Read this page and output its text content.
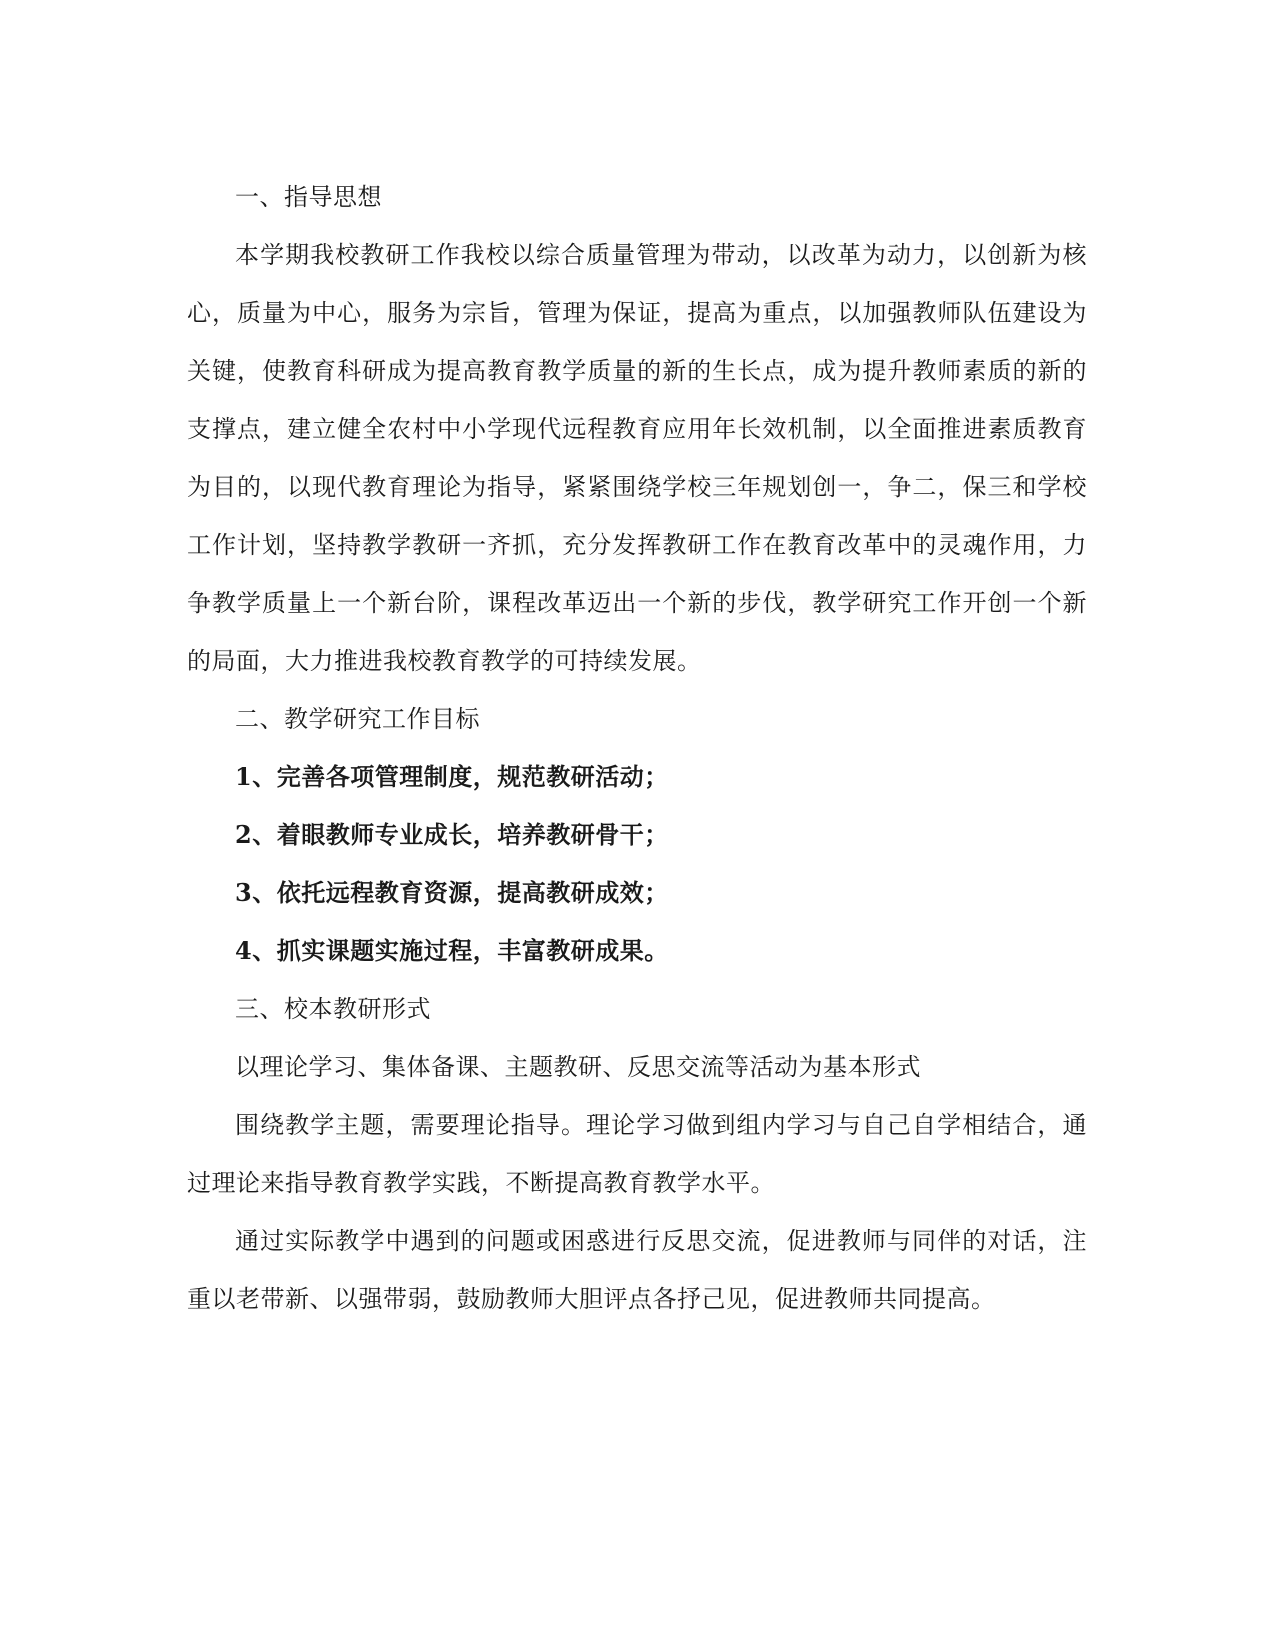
一、指导思想

本学期我校教研工作我校以综合质量管理为带动，以改革为动力，以创新为核心，质量为中心，服务为宗旨，管理为保证，提高为重点，以加强教师队伍建设为关键，使教育科研成为提高教育教学质量的新的生长点，成为提升教师素质的新的支撑点，建立健全农村中小学现代远程教育应用年长效机制，以全面推进素质教育为目的，以现代教育理论为指导，紧紧围绕学校三年规划创一，争二，保三和学校工作计划，坚持教学教研一齐抓，充分发挥教研工作在教育改革中的灵魂作用，力争教学质量上一个新台阶，课程改革迈出一个新的步伐，教学研究工作开创一个新的局面，大力推进我校教育教学的可持续发展。

二、教学研究工作目标

1、完善各项管理制度，规范教研活动；

2、着眼教师专业成长，培养教研骨干；

3、依托远程教育资源，提高教研成效；

4、抓实课题实施过程，丰富教研成果。

三、校本教研形式

以理论学习、集体备课、主题教研、反思交流等活动为基本形式

围绕教学主题，需要理论指导。理论学习做到组内学习与自己自学相结合，通过理论来指导教育教学实践，不断提高教育教学水平。

通过实际教学中遇到的问题或困惑进行反思交流，促进教师与同伴的对话，注重以老带新、以强带弱，鼓励教师大胆评点各抒己见，促进教师共同提高。
